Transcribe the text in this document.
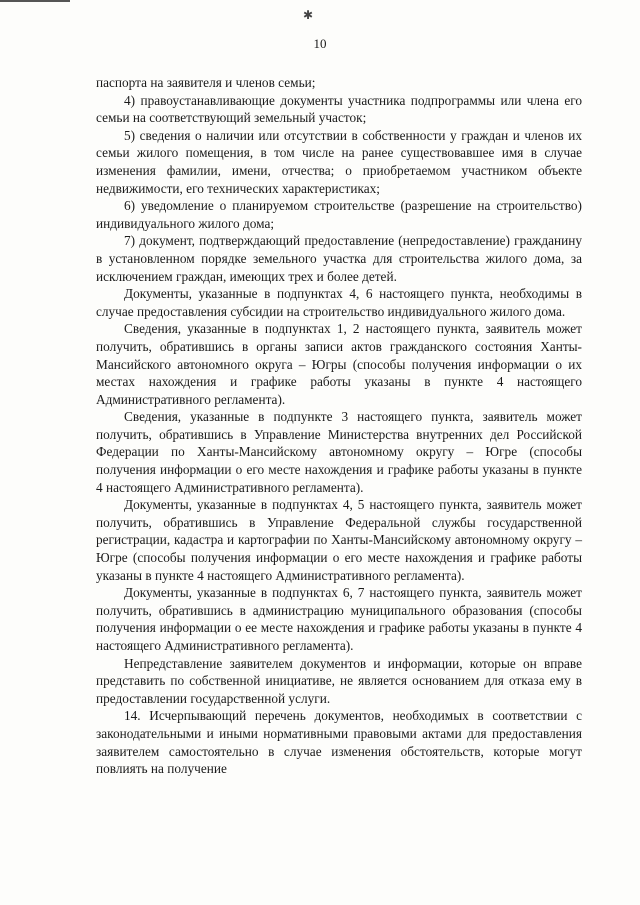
✱
10

паспорта на заявителя и членов семьи;

4) правоустанавливающие документы участника подпрограммы или члена его семьи на соответствующий земельный участок;

5) сведения о наличии или отсутствии в собственности у граждан и членов их семьи жилого помещения, в том числе на ранее существовавшее имя в случае изменения фамилии, имени, отчества; о приобретаемом участником объекте недвижимости, его технических характеристиках;

6) уведомление о планируемом строительстве (разрешение на строительство) индивидуального жилого дома;

7) документ, подтверждающий предоставление (непредоставление) гражданину в установленном порядке земельного участка для строительства жилого дома, за исключением граждан, имеющих трех и более детей.

Документы, указанные в подпунктах 4, 6 настоящего пункта, необходимы в случае предоставления субсидии на строительство индивидуального жилого дома.

Сведения, указанные в подпунктах 1, 2 настоящего пункта, заявитель может получить, обратившись в органы записи актов гражданского состояния Ханты-Мансийского автономного округа – Югры (способы получения информации о их местах нахождения и графике работы указаны в пункте 4 настоящего Административного регламента).

Сведения, указанные в подпункте 3 настоящего пункта, заявитель может получить, обратившись в Управление Министерства внутренних дел Российской Федерации по Ханты-Мансийскому автономному округу – Югре (способы получения информации о его месте нахождения и графике работы указаны в пункте 4 настоящего Административного регламента).

Документы, указанные в подпунктах 4, 5 настоящего пункта, заявитель может получить, обратившись в Управление Федеральной службы государственной регистрации, кадастра и картографии по Ханты-Мансийскому автономному округу – Югре (способы получения информации о его месте нахождения и графике работы указаны в пункте 4 настоящего Административного регламента).

Документы, указанные в подпунктах 6, 7 настоящего пункта, заявитель может получить, обратившись в администрацию муниципального образования (способы получения информации о ее месте нахождения и графике работы указаны в пункте 4 настоящего Административного регламента).

Непредставление заявителем документов и информации, которые он вправе представить по собственной инициативе, не является основанием для отказа ему в предоставлении государственной услуги.

14. Исчерпывающий перечень документов, необходимых в соответствии с законодательными и иными нормативными правовыми актами для предоставления заявителем самостоятельно в случае изменения обстоятельств, которые могут повлиять на получение
